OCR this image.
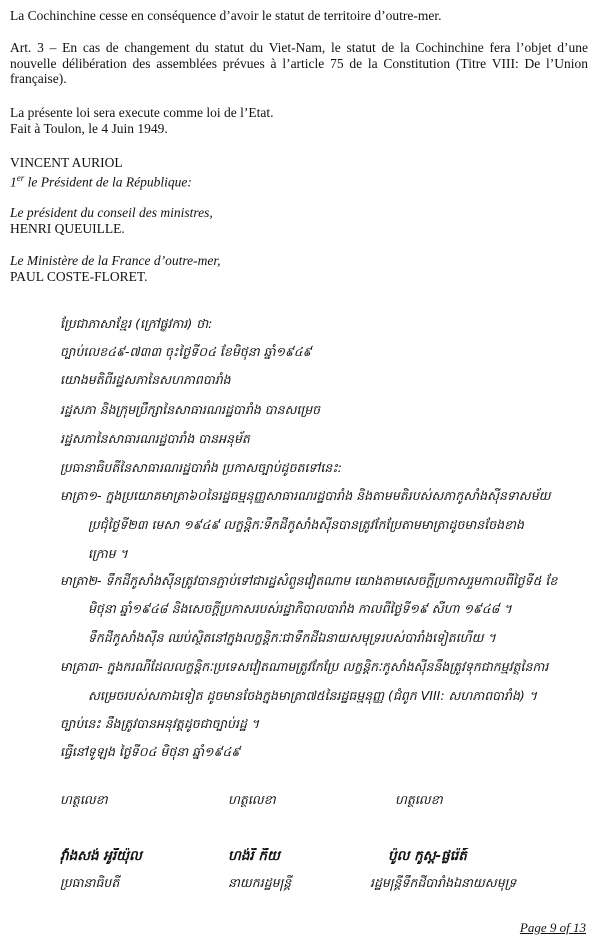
La Cochinchine cesse en conséquence d’avoir le statut de territoire d’outre-mer.

Art. 3 – En cas de changement du statut du Viet-Nam, le statut de la Cochinchine fera l’objet d’une nouvelle délibération des assemblées prévues à l’article 75 de la Constitution (Titre VIII: De l’Union française).

La présente loi sera execute comme loi de l’Etat.

Fait à Toulon, le 4 Juin 1949.

VINCENT AURIOL

1er le Président de la République:

Le président du conseil des ministres,

HENRI QUEUILLE.

Le Ministère de la France d’outre-mer,

PAUL COSTE-FLORET.

ប្រែជាភាសាខ្មែរ (ក្រៅផ្លូវការ) ថា:
ច្បាប់លេខ៤៩-៧៣៣ ចុះថ្ងៃទី០៤ ខែមិថុនា ឆ្នាំ១៩៤៩
យោងមតិពីរដ្ឋសភានៃសហភាពបារាំង
រដ្ឋសភា និងក្រុមប្រឹក្សានៃសាធារណរដ្ឋបារាំង បានសម្រេច
រដ្ឋសភានៃសាធារណរដ្ឋបារាំង បានអនុម័ត
ប្រធានាធិបតីនៃសាធារណរដ្ឋបារាំង ប្រកាសច្បាប់ដូចតទៅនេះ:
មាត្រា១- ក្នុងប្រយោគមាត្រា៦០នៃរដ្ឋធម្មនុញ្ញសាធារណរដ្ឋបារាំង និងតាមមតិរបស់សភាកូសាំងស៊ីនទាសម័យ
ប្រជុំថ្ងៃទី២៣ មេសា ១៩៤៩ លក្ខន្តិកៈទឹកដីកូសាំងស៊ីនបានត្រូវកែប្រែតាមមាត្រាដូចមានចែងខាង
ក្រោម ។
មាត្រា២- ទឹកដីកូសាំងស៊ីនត្រូវបានភ្ជាប់ទៅជារដ្ឋសំពួនវៀតណាម យោងតាមសេចក្តីប្រកាសរួមកាលពីថ្ងៃទី៥ ខែ
មិថុនា ឆ្នាំ១៩៤៨ និងសេចក្តីប្រកាសរបស់រដ្ឋាភិបាលបារាំង កាលពីថ្ងៃទី១៩ សីហា ១៩៤៨ ។
ទឹកដីកូសាំងស៊ីន ឈប់ស្ថិតនៅក្នុងលក្ខន្តិកៈជាទឹកដីឯនាយសមុទ្ររបស់បារាំងទៀតហើយ ។
មាត្រា៣- ក្នុងករណីដែលលក្ខន្តិកៈប្រទេសវៀតណាមត្រូវកែប្រែ លក្ខន្តិកៈកូសាំងស៊ីននឹងត្រូវទុកជាកម្មវត្ថុនៃការ
សម្រេចរបស់សភាឯទៀត ដូចមានចែងក្នុងមាត្រា៧៥នៃរដ្ឋធម្មនុញ្ញ (ជំពូក VIII: សហភាពបារាំង) ។
ច្បាប់នេះ នឹងត្រូវបានអនុវត្តដូចជាច្បាប់រដ្ឋ ។
ធ្វើនៅទូឡុង ថ្ងៃទី០៤ មិថុនា ឆ្នាំ១៩៤៩
ហត្ថលេខា	ហត្ថលេខា	ហត្ថលេខា
វ៉ាំងសង់ អូរីយ៉ុល	ហង់រី កឺយ	ប៉ូល កូស្ត-ផ្លរ៉េត៍
ប្រធានាធិបតី	នាយករដ្ឋមន្ត្រី	រដ្ឋមន្ត្រីទឹកដីបារាំងឯនាយសមុទ្រ
Page 9 of 13
